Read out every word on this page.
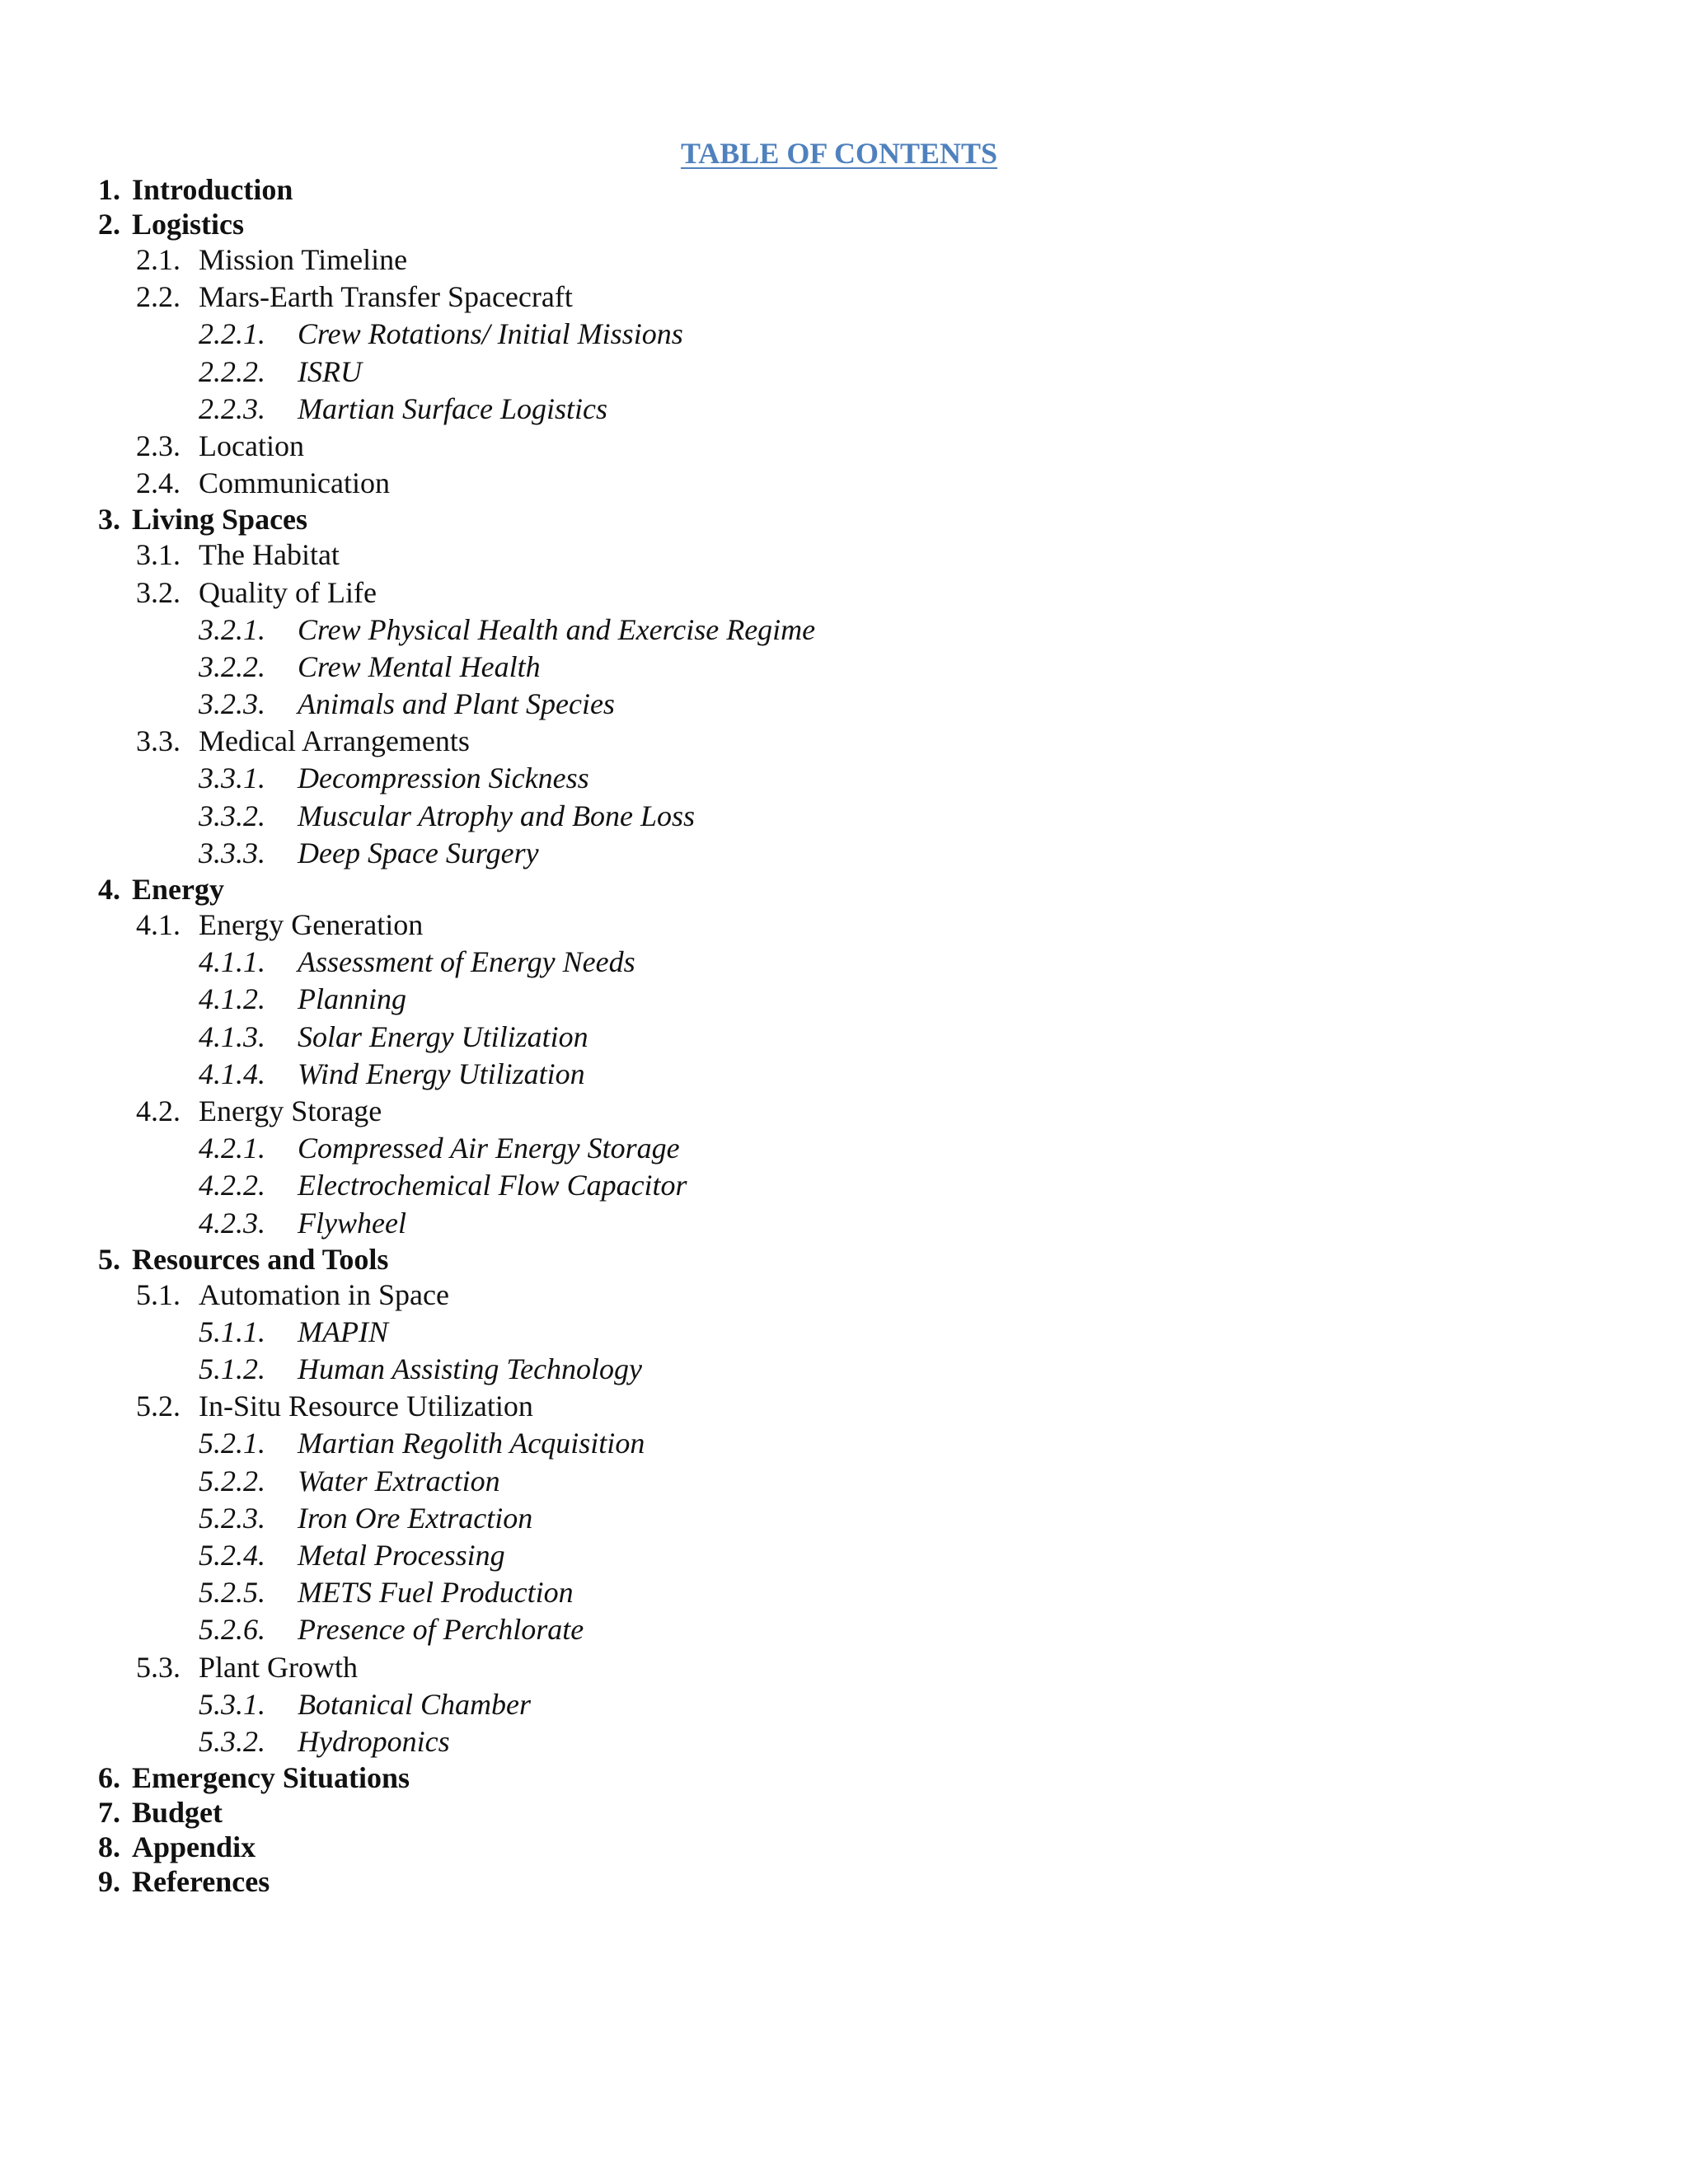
TABLE OF CONTENTS
1. Introduction
2. Logistics
2.1. Mission Timeline
2.2. Mars-Earth Transfer Spacecraft
2.2.1. Crew Rotations/ Initial Missions
2.2.2. ISRU
2.2.3. Martian Surface Logistics
2.3. Location
2.4. Communication
3. Living Spaces
3.1. The Habitat
3.2. Quality of Life
3.2.1. Crew Physical Health and Exercise Regime
3.2.2. Crew Mental Health
3.2.3. Animals and Plant Species
3.3. Medical Arrangements
3.3.1. Decompression Sickness
3.3.2. Muscular Atrophy and Bone Loss
3.3.3. Deep Space Surgery
4. Energy
4.1. Energy Generation
4.1.1. Assessment of Energy Needs
4.1.2. Planning
4.1.3. Solar Energy Utilization
4.1.4. Wind Energy Utilization
4.2. Energy Storage
4.2.1. Compressed Air Energy Storage
4.2.2. Electrochemical Flow Capacitor
4.2.3. Flywheel
5. Resources and Tools
5.1. Automation in Space
5.1.1. MAPIN
5.1.2. Human Assisting Technology
5.2. In-Situ Resource Utilization
5.2.1. Martian Regolith Acquisition
5.2.2. Water Extraction
5.2.3. Iron Ore Extraction
5.2.4. Metal Processing
5.2.5. METS Fuel Production
5.2.6. Presence of Perchlorate
5.3. Plant Growth
5.3.1. Botanical Chamber
5.3.2. Hydroponics
6. Emergency Situations
7. Budget
8. Appendix
9. References
